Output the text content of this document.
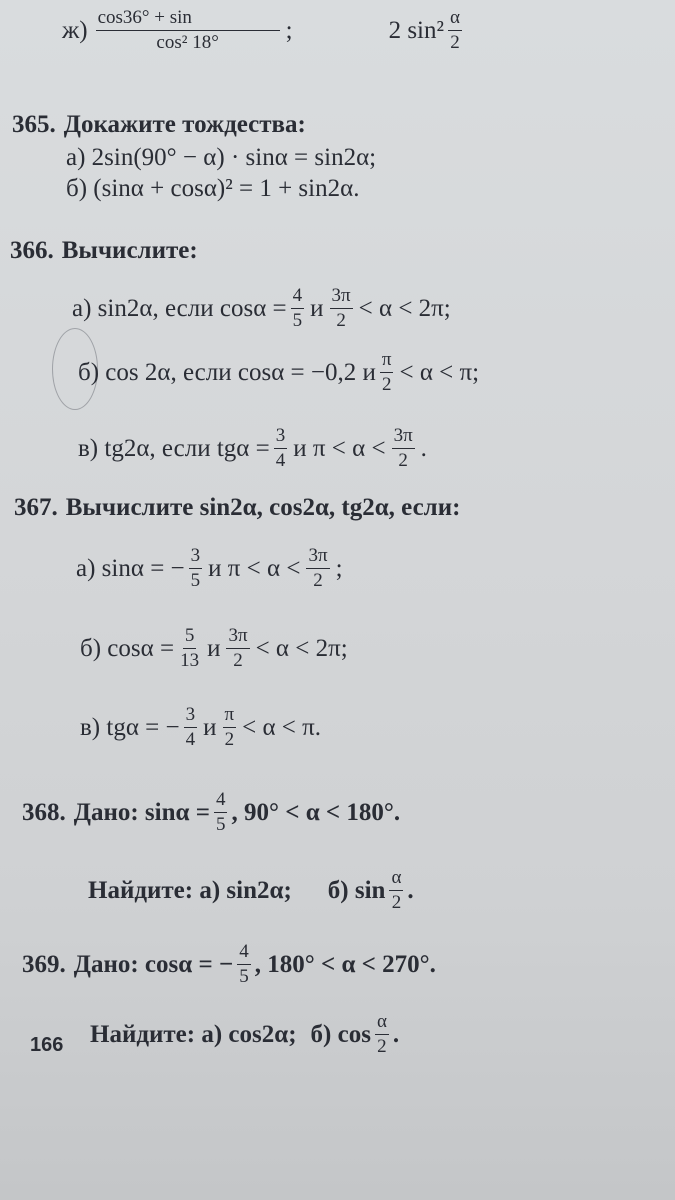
$ж) \frac{\cos 36^\circ + \sin}{\text{cos² 18°}}$ ;	2 $\sin^2 \frac{\alpha}{2}$
365. Докажите тождества:
а) 2sin(90° − α) · sinα = sin2α;
б) (sinα + cosα)² = 1 + sin2α.
366. Вычислите:
а) sin2α, если $\cos\alpha = \frac{4}{5}$ и $\frac{3\pi}{2} < \alpha < 2\pi$;
б) cos 2α, если cosα = −0,2 и $\frac{\pi}{2} < \alpha < \pi$;
в) tg2α, если $tg\alpha = \frac{3}{4}$ и $\pi < \alpha < \frac{3\pi}{2}$ .
367. Вычислите sin2α, cos2α, tg2α, если:
а) sinα = − $\frac{3}{5}$ и $\pi < \alpha < \frac{3\pi}{2}$ ;
б) $\cos\alpha = \frac{5}{13}$ и $\frac{3\pi}{2} < \alpha < 2\pi$;
в) tgα = − $\frac{3}{4}$ и $\frac{\pi}{2} < \alpha < \pi$.
368. Дано: $\sin\alpha = \frac{4}{5}$ , 90° < α < 180°.
Найдите: а) sin2α; б) $\sin \frac{\alpha}{2}$ .
369. Дано: cosα = − $\frac{4}{5}$ , 180° < α < 270°.
Найдите: а) cos2α; б) $\cos \frac{\alpha}{2}$ .
166
